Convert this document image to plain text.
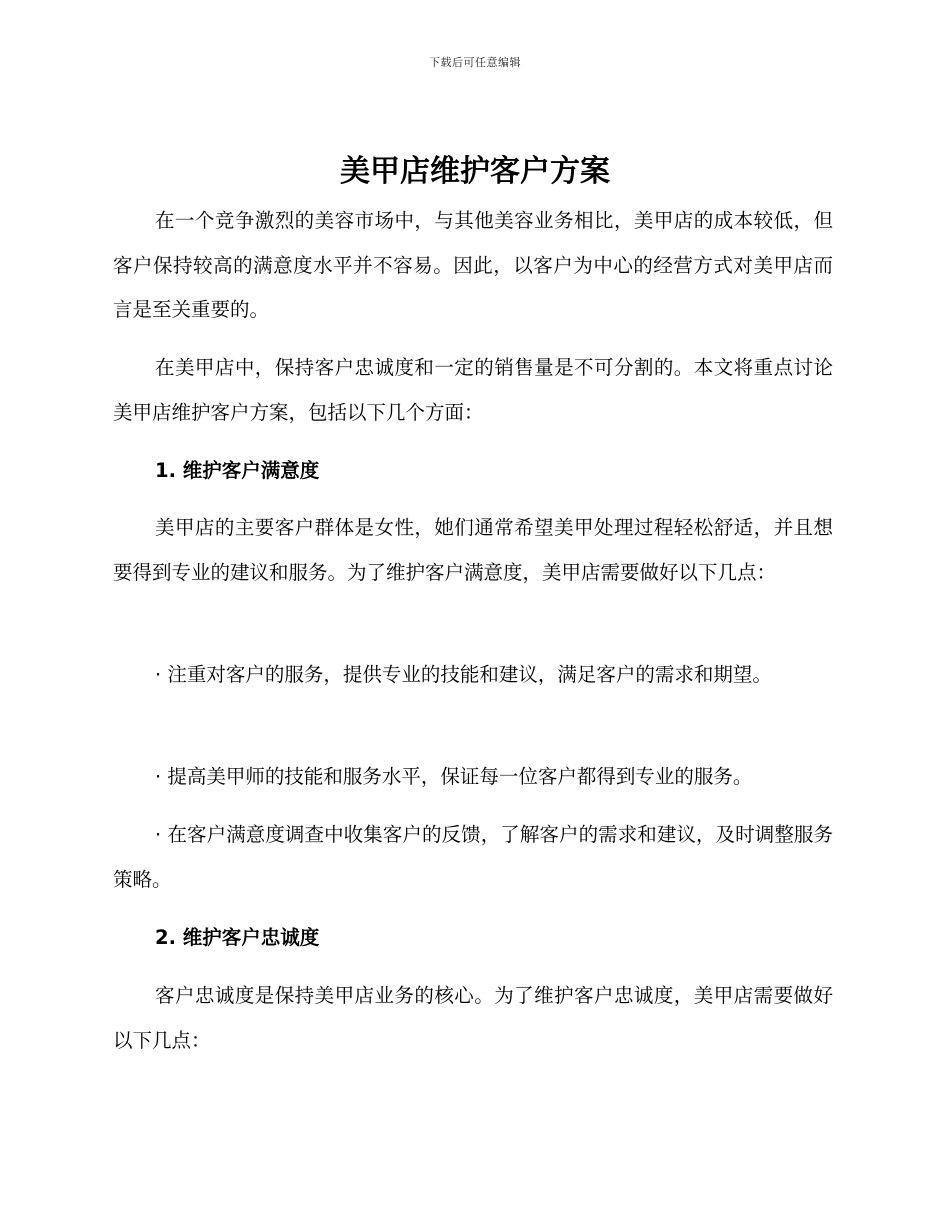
下载后可任意编辑
美甲店维护客户方案

在一个竞争激烈的美容市场中，与其他美容业务相比，美甲店的成本较低，但客户保持较高的满意度水平并不容易。因此，以客户为中心的经营方式对美甲店而言是至关重要的。

在美甲店中，保持客户忠诚度和一定的销售量是不可分割的。本文将重点讨论美甲店维护客户方案，包括以下几个方面：

1. 维护客户满意度

美甲店的主要客户群体是女性，她们通常希望美甲处理过程轻松舒适，并且想要得到专业的建议和服务。为了维护客户满意度，美甲店需要做好以下几点：

· 注重对客户的服务，提供专业的技能和建议，满足客户的需求和期望。

· 提高美甲师的技能和服务水平，保证每一位客户都得到专业的服务。

· 在客户满意度调查中收集客户的反馈，了解客户的需求和建议，及时调整服务策略。

2. 维护客户忠诚度

客户忠诚度是保持美甲店业务的核心。为了维护客户忠诚度，美甲店需要做好以下几点：
